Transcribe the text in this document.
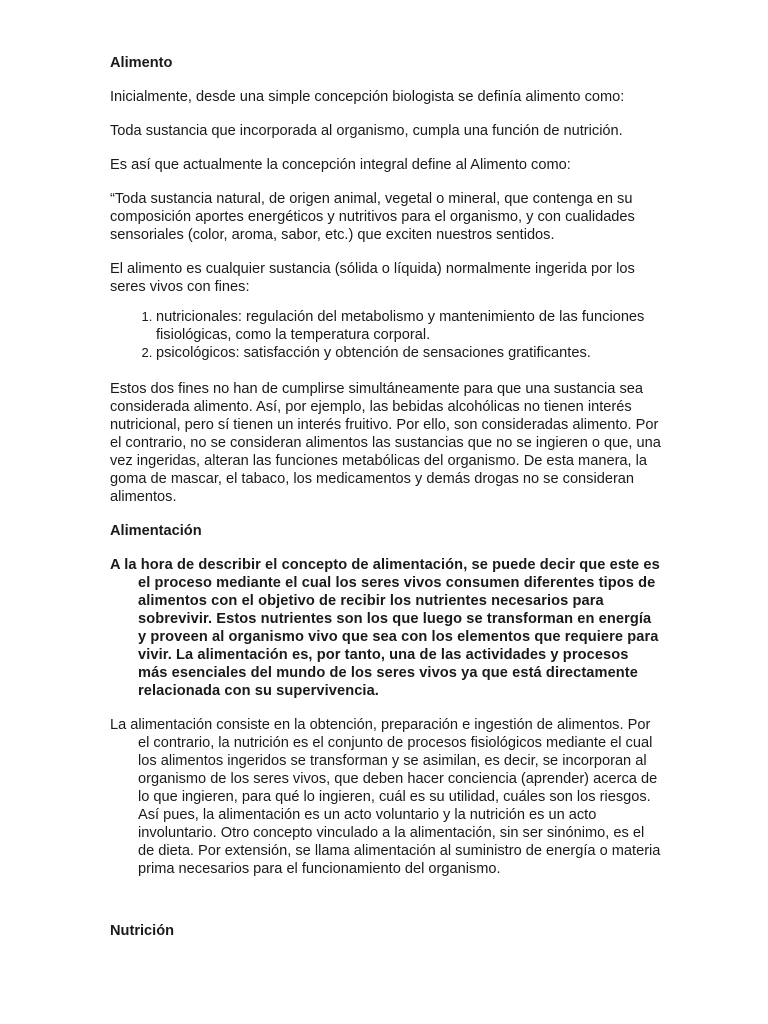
Alimento

Inicialmente, desde una simple concepción biologista se definía alimento como:

Toda sustancia que incorporada al organismo, cumpla una función de nutrición.

Es así que actualmente la concepción integral define al Alimento como:

“Toda sustancia natural, de origen animal, vegetal o mineral, que contenga en su composición aportes energéticos y nutritivos para el organismo, y con cualidades sensoriales (color, aroma, sabor, etc.) que exciten nuestros sentidos.

El alimento es cualquier sustancia (sólida o líquida) normalmente ingerida por los seres vivos con fines:

1. nutricionales: regulación del metabolismo y mantenimiento de las funciones fisiológicas, como la temperatura corporal.
2. psicológicos: satisfacción y obtención de sensaciones gratificantes.

Estos dos fines no han de cumplirse simultáneamente para que una sustancia sea considerada alimento. Así, por ejemplo, las bebidas alcohólicas no tienen interés nutricional, pero sí tienen un interés fruitivo. Por ello, son consideradas alimento. Por el contrario, no se consideran alimentos las sustancias que no se ingieren o que, una vez ingeridas, alteran las funciones metabólicas del organismo. De esta manera, la goma de mascar, el tabaco, los medicamentos y demás drogas no se consideran alimentos.

Alimentación

A la hora de describir el concepto de alimentación, se puede decir que este es el proceso mediante el cual los seres vivos consumen diferentes tipos de alimentos con el objetivo de recibir los nutrientes necesarios para sobrevivir. Estos nutrientes son los que luego se transforman en energía y proveen al organismo vivo que sea con los elementos que requiere para vivir. La alimentación es, por tanto, una de las actividades y procesos más esenciales del mundo de los seres vivos ya que está directamente relacionada con su supervivencia.

La alimentación consiste en la obtención, preparación e ingestión de alimentos. Por el contrario, la nutrición es el conjunto de procesos fisiológicos mediante el cual los alimentos ingeridos se transforman y se asimilan, es decir, se incorporan al organismo de los seres vivos, que deben hacer conciencia (aprender) acerca de lo que ingieren, para qué lo ingieren, cuál es su utilidad, cuáles son los riesgos. Así pues, la alimentación es un acto voluntario y la nutrición es un acto involuntario. Otro concepto vinculado a la alimentación, sin ser sinónimo, es el de dieta. Por extensión, se llama alimentación al suministro de energía o materia prima necesarios para el funcionamiento del organismo.

Nutrición
